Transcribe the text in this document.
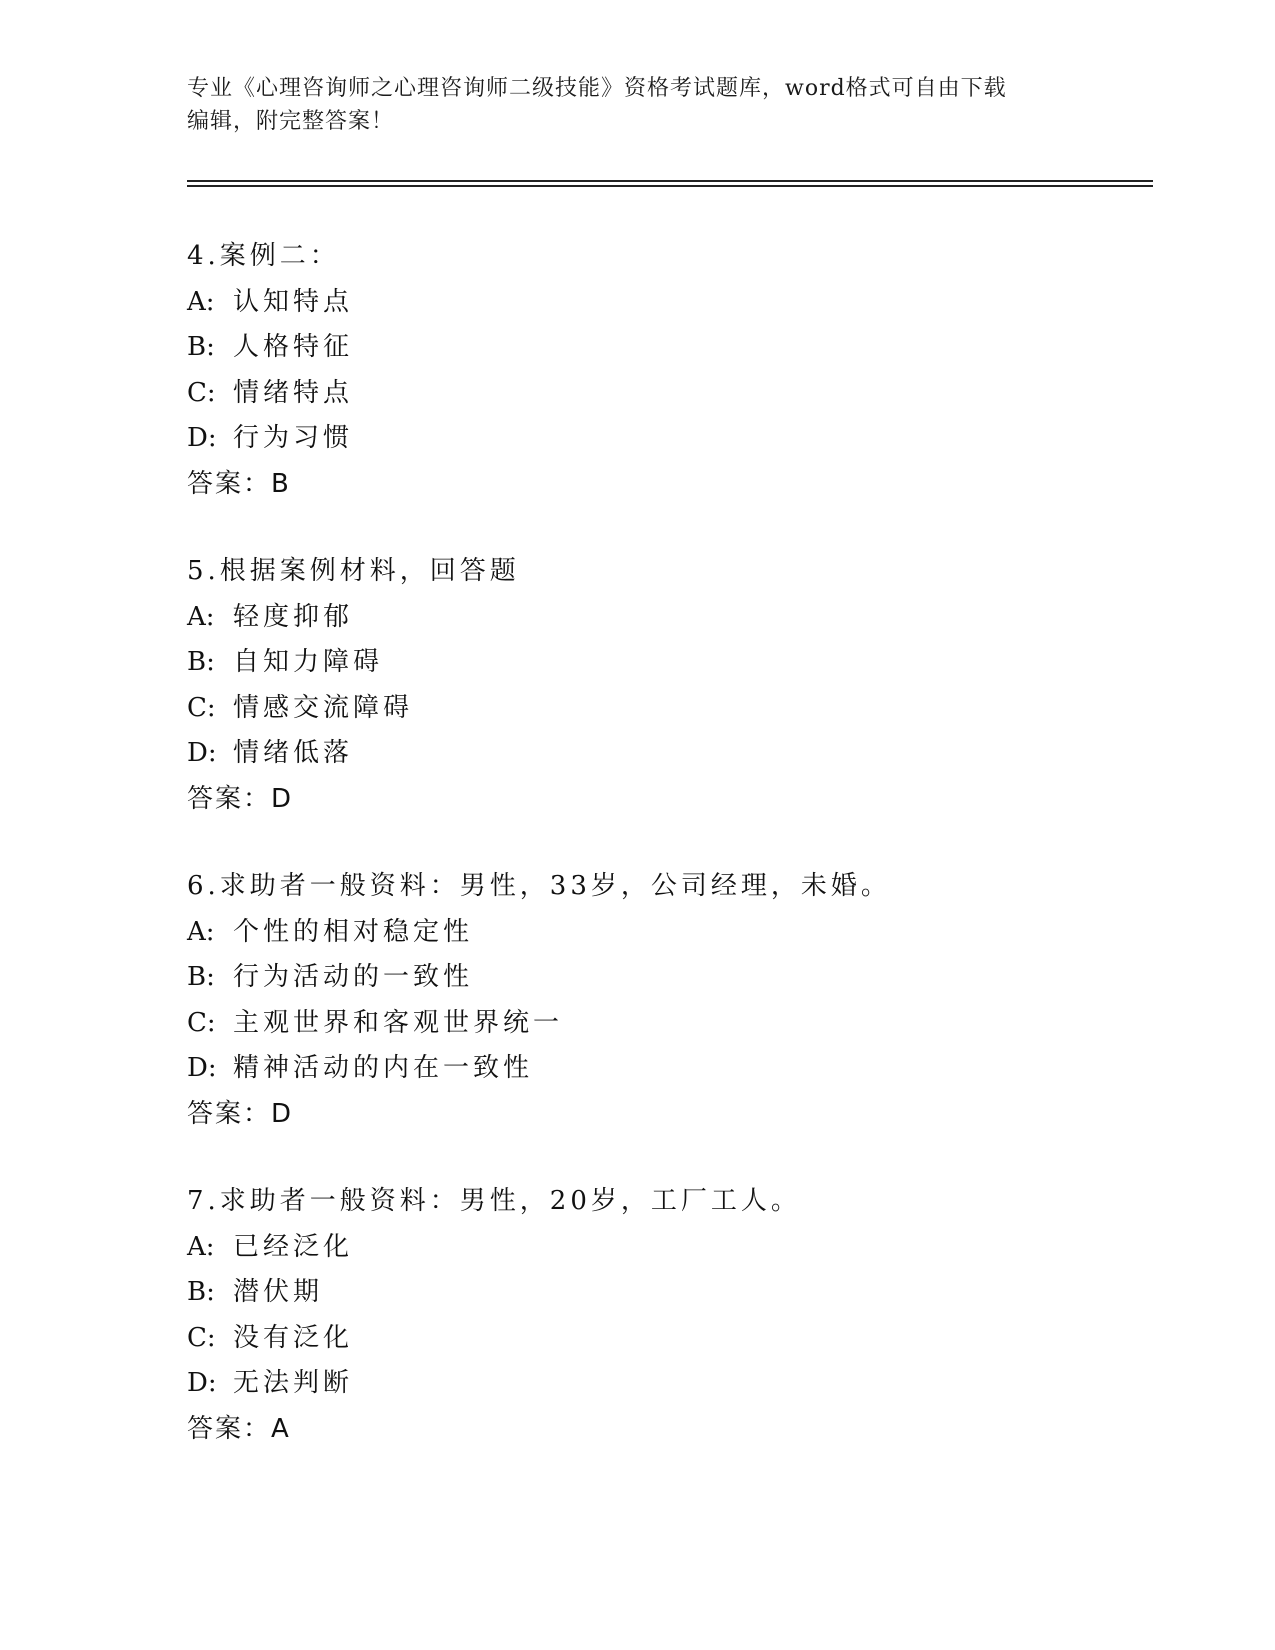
专业《心理咨询师之心理咨询师二级技能》资格考试题库，word格式可自由下载
编辑，附完整答案！
4.案例二：
A: 认知特点
B: 人格特征
C: 情绪特点
D: 行为习惯
答案：B
5.根据案例材料，回答题
A: 轻度抑郁
B: 自知力障碍
C: 情感交流障碍
D: 情绪低落
答案：D
6.求助者一般资料：男性，33岁，公司经理，未婚。
A: 个性的相对稳定性
B: 行为活动的一致性
C: 主观世界和客观世界统一
D: 精神活动的内在一致性
答案：D
7.求助者一般资料：男性，20岁，工厂工人。
A: 已经泛化
B: 潜伏期
C: 没有泛化
D: 无法判断
答案：A
